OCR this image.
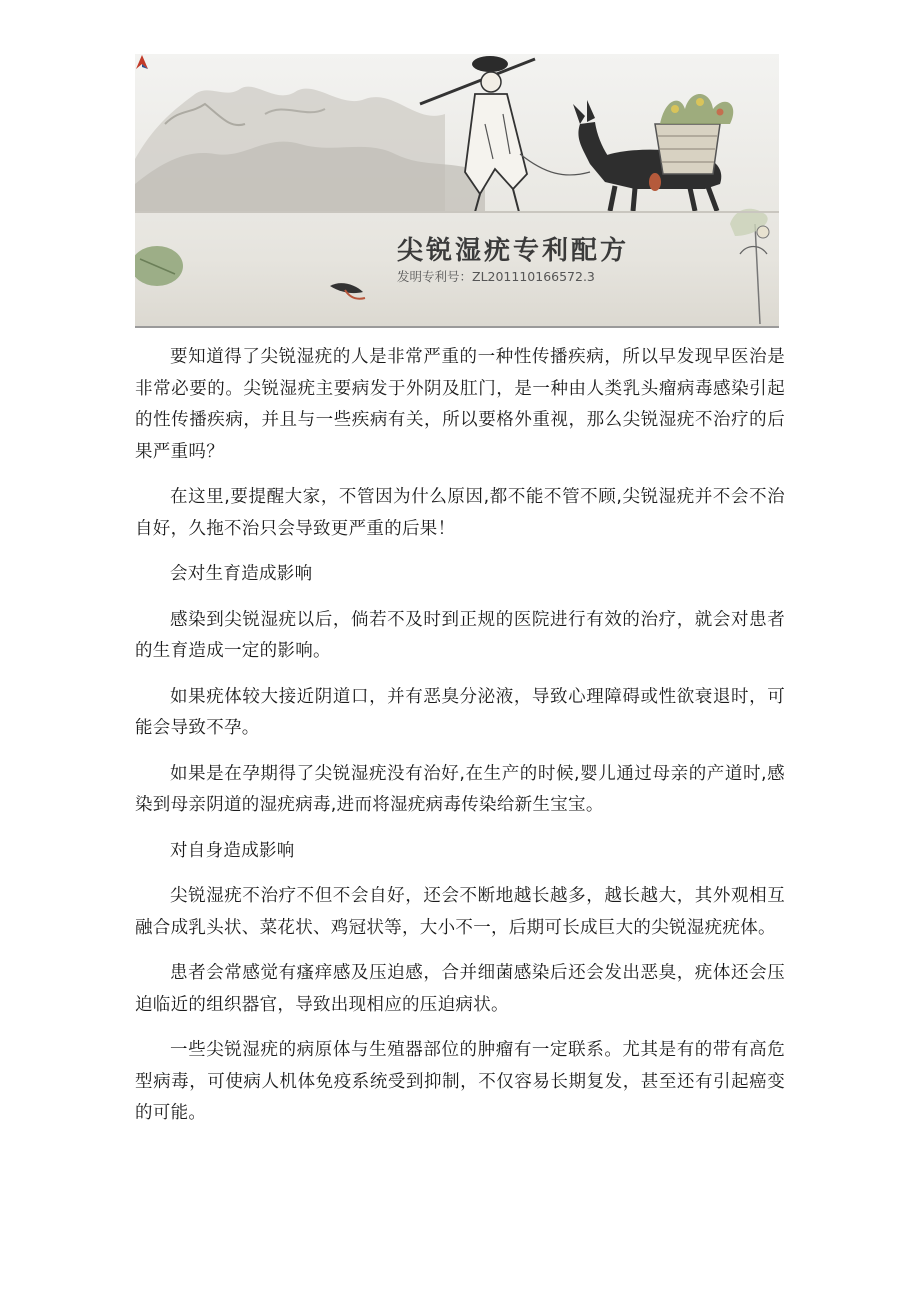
尖锐湿疣专利配方
发明专利号：ZL201110166572.3

要知道得了尖锐湿疣的人是非常严重的一种性传播疾病，所以早发现早医治是非常必要的。尖锐湿疣主要病发于外阴及肛门，是一种由人类乳头瘤病毒感染引起的性传播疾病，并且与一些疾病有关，所以要格外重视，那么尖锐湿疣不治疗的后果严重吗？

在这里,要提醒大家，不管因为什么原因,都不能不管不顾,尖锐湿疣并不会不治自好，久拖不治只会导致更严重的后果！

会对生育造成影响

感染到尖锐湿疣以后，倘若不及时到正规的医院进行有效的治疗，就会对患者的生育造成一定的影响。

如果疣体较大接近阴道口，并有恶臭分泌液，导致心理障碍或性欲衰退时，可能会导致不孕。

如果是在孕期得了尖锐湿疣没有治好,在生产的时候,婴儿通过母亲的产道时,感染到母亲阴道的湿疣病毒,进而将湿疣病毒传染给新生宝宝。

对自身造成影响

尖锐湿疣不治疗不但不会自好，还会不断地越长越多，越长越大，其外观相互融合成乳头状、菜花状、鸡冠状等，大小不一，后期可长成巨大的尖锐湿疣疣体。

患者会常感觉有瘙痒感及压迫感，合并细菌感染后还会发出恶臭，疣体还会压迫临近的组织器官，导致出现相应的压迫病状。

一些尖锐湿疣的病原体与生殖器部位的肿瘤有一定联系。尤其是有的带有高危型病毒，可使病人机体免疫系统受到抑制，不仅容易长期复发，甚至还有引起癌变的可能。
